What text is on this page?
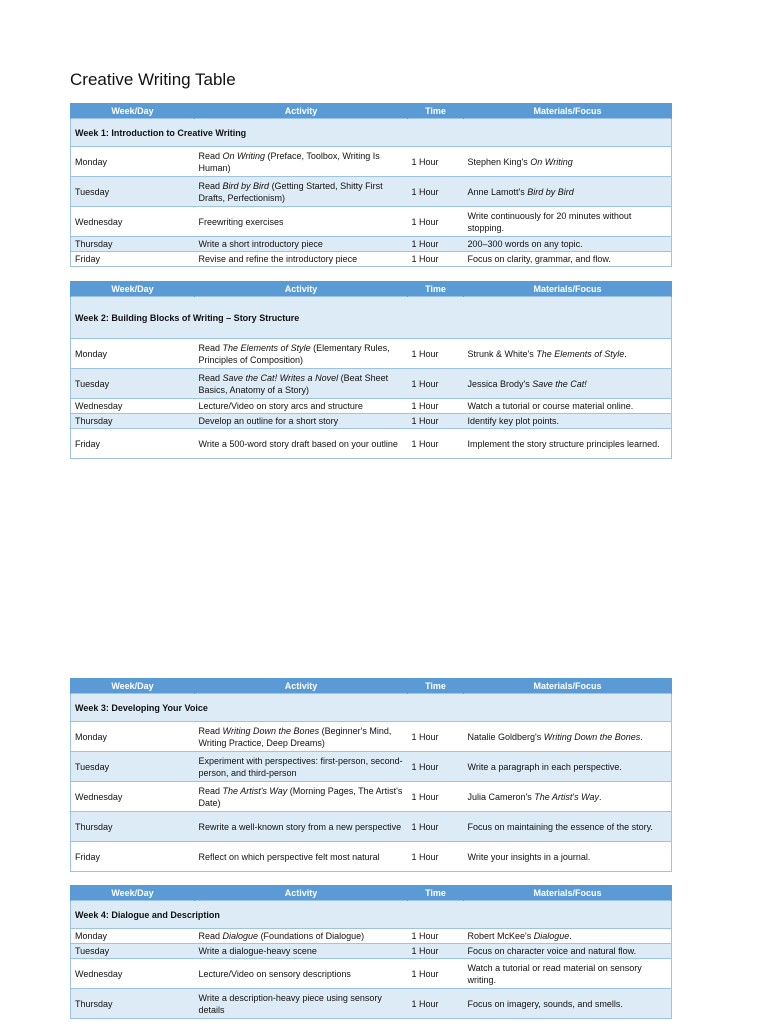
Creative Writing Table
Week/Day	Activity	Time	Materials/Focus
Week 1: Introduction to Creative Writing			
Monday	Read On Writing (Preface, Toolbox, Writing Is Human)	1 Hour	Stephen King's On Writing
Tuesday	Read Bird by Bird (Getting Started, Shitty First Drafts, Perfectionism)	1 Hour	Anne Lamott's Bird by Bird
Wednesday	Freewriting exercises	1 Hour	Write continuously for 20 minutes without stopping.
Thursday	Write a short introductory piece	1 Hour	200–300 words on any topic.
Friday	Revise and refine the introductory piece	1 Hour	Focus on clarity, grammar, and flow.
Week/Day	Activity	Time	Materials/Focus
Week 2: Building Blocks of Writing – Story Structure			
Monday	Read The Elements of Style (Elementary Rules, Principles of Composition)	1 Hour	Strunk & White's The Elements of Style.
Tuesday	Read Save the Cat! Writes a Novel (Beat Sheet Basics, Anatomy of a Story)	1 Hour	Jessica Brody's Save the Cat!
Wednesday	Lecture/Video on story arcs and structure	1 Hour	Watch a tutorial or course material online.
Thursday	Develop an outline for a short story	1 Hour	Identify key plot points.
Friday	Write a 500-word story draft based on your outline	1 Hour	Implement the story structure principles learned.
Week/Day	Activity	Time	Materials/Focus
Week 3: Developing Your Voice			
Monday	Read Writing Down the Bones (Beginner's Mind, Writing Practice, Deep Dreams)	1 Hour	Natalie Goldberg's Writing Down the Bones.
Tuesday	Experiment with perspectives: first-person, second-person, and third-person	1 Hour	Write a paragraph in each perspective.
Wednesday	Read The Artist's Way (Morning Pages, The Artist's Date)	1 Hour	Julia Cameron's The Artist's Way.
Thursday	Rewrite a well-known story from a new perspective	1 Hour	Focus on maintaining the essence of the story.
Friday	Reflect on which perspective felt most natural	1 Hour	Write your insights in a journal.
Week/Day	Activity	Time	Materials/Focus
Week 4: Dialogue and Description			
Monday	Read Dialogue (Foundations of Dialogue)	1 Hour	Robert McKee's Dialogue.
Tuesday	Write a dialogue-heavy scene	1 Hour	Focus on character voice and natural flow.
Wednesday	Lecture/Video on sensory descriptions	1 Hour	Watch a tutorial or read material on sensory writing.
Thursday	Write a description-heavy piece using sensory details	1 Hour	Focus on imagery, sounds, and smells.
